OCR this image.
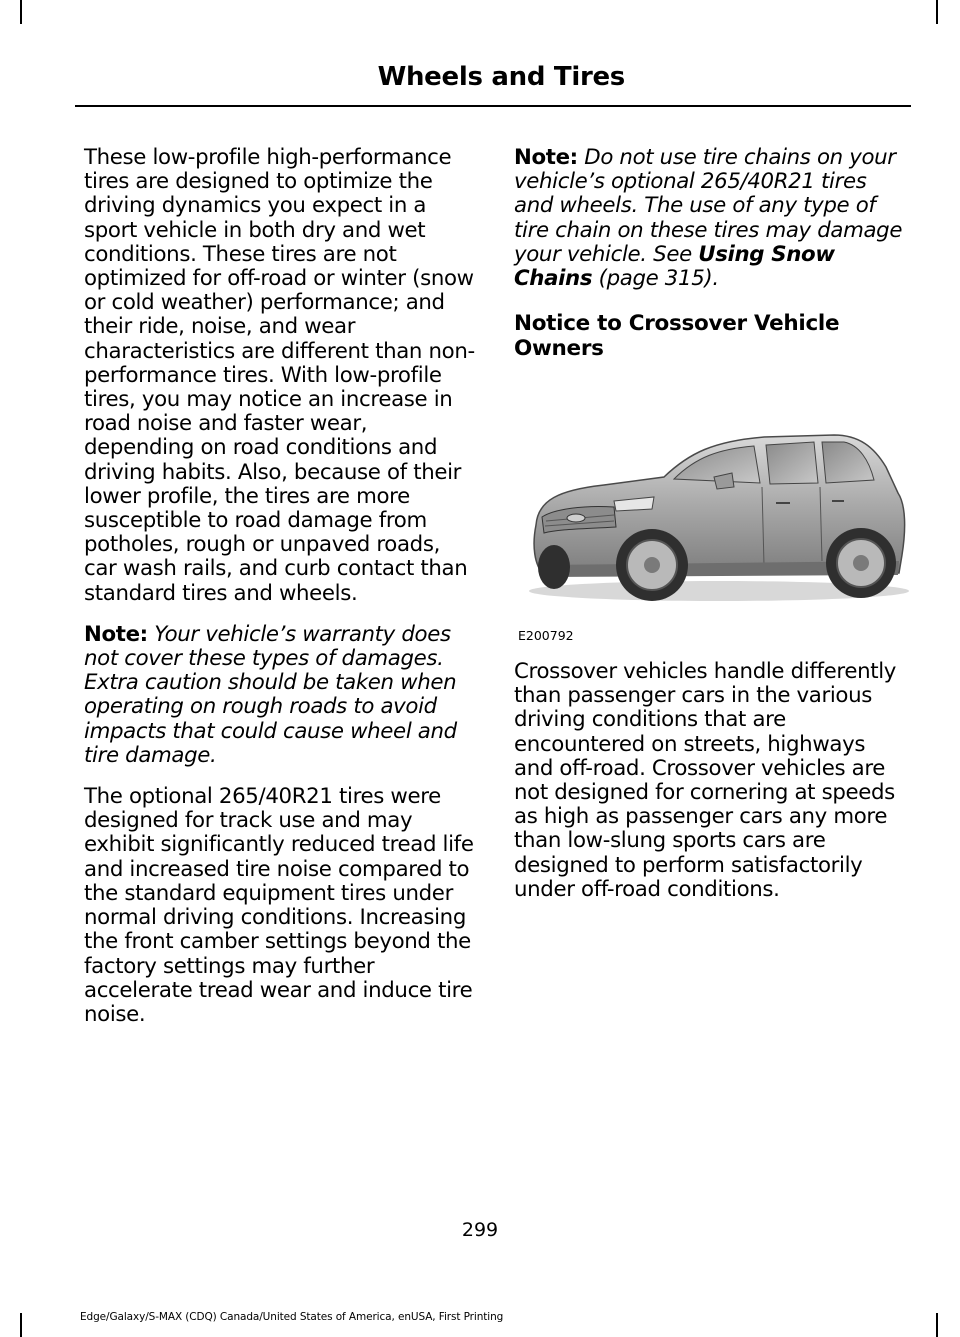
Wheels and Tires

These low-profile high-performance tires are designed to optimize the driving dynamics you expect in a sport vehicle in both dry and wet conditions. These tires are not optimized for off-road or winter (snow or cold weather) performance; and their ride, noise, and wear characteristics are different than non-performance tires. With low-profile tires, you may notice an increase in road noise and faster wear, depending on road conditions and driving habits. Also, because of their lower profile, the tires are more susceptible to road damage from potholes, rough or unpaved roads, car wash rails, and curb contact than standard tires and wheels.

Note: Your vehicle’s warranty does not cover these types of damages. Extra caution should be taken when operating on rough roads to avoid impacts that could cause wheel and tire damage.

The optional 265/40R21 tires were designed for track use and may exhibit significantly reduced tread life and increased tire noise compared to the standard equipment tires under normal driving conditions. Increasing the front camber settings beyond the factory settings may further accelerate tread wear and induce tire noise.

Note: Do not use tire chains on your vehicle’s optional 265/40R21 tires and wheels. The use of any type of tire chain on these tires may damage your vehicle. See Using Snow Chains (page 315).

Notice to Crossover Vehicle Owners
E200792

Crossover vehicles handle differently than passenger cars in the various driving conditions that are encountered on streets, highways and off-road. Crossover vehicles are not designed for cornering at speeds as high as passenger cars any more than low-slung sports cars are designed to perform satisfactorily under off-road conditions.

299
Edge/Galaxy/S-MAX (CDQ) Canada/United States of America, enUSA, First Printing
